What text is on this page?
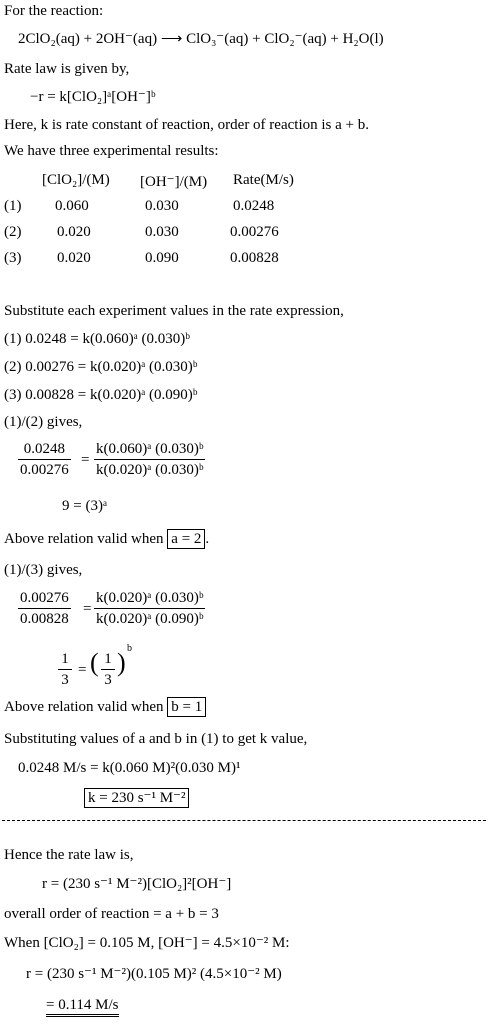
For the reaction:
2ClO₂(aq) + 2OH⁻(aq) ⟶ ClO₃⁻(aq) + ClO₂⁻(aq) + H₂O(l)
Rate law is given by,
−r = k[ClO₂]ᵃ[OH⁻]ᵇ
Here, k is rate constant of reaction, order of reaction is a + b.
We have three experimental results:
[ClO₂]/(M) [OH⁻]/(M) Rate(M/s)
(1) 0.060	0.030	0.0248
(2) 0.020	0.030	0.00276
(3) 0.020	0.090	0.00828
Substitute each experiment values in the rate expression,
(1) 0.0248 = k(0.060)ᵃ (0.030)ᵇ
(2) 0.00276 = k(0.020)ᵃ (0.030)ᵇ
(3) 0.00828 = k(0.020)ᵃ (0.090)ᵇ
(1)/(2) gives,
$\frac{0.0248}{0.00276} = \frac{\text{k(0.060)ᵃ (0.030)ᵇ}}{\text{k(0.020)ᵃ (0.030)ᵇ}}$
9 = (3)ᵃ
Above relation valid when a = 2 .
(1)/(3) gives,
$\frac{0.00276}{0.00828} = \frac{\text{k(0.020)ᵃ (0.030)ᵇ}}{\text{k(0.020)ᵃ (0.090)ᵇ}}$
$\frac{1}{3}$ = ( $\frac{1}{3}$ ) b
Above relation valid when b = 1
Substituting values of a and b in (1) to get k value,
0.0248 M/s = k(0.060 M)²(0.030 M)¹
k = 230 s⁻¹ M⁻²
Hence the rate law is,
r = (230 s⁻¹ M⁻²)[ClO₂]²[OH⁻]
overall order of reaction = a + b = 3
When [ClO₂] = 0.105 M, [OH⁻] = 4.5×10⁻² M:
r = (230 s⁻¹ M⁻²)(0.105 M)² (4.5×10⁻² M)
= 0.114 M/s
